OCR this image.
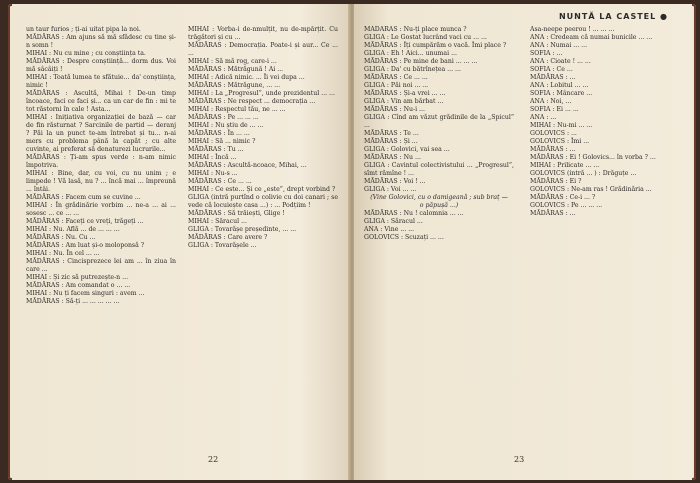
un taur furios ; ți-ai uitat pipa la noi.

MĂDĂRAS : Am ajuns să mă sfădesc cu tine și-n somn !

MIHAI : Nu cu mine ; cu conștiința ta.

MĂDĂRAS : Despre conștiință... dorm dus. Voi mă sâcâiți !

MIHAI : Toată lumea te sfătuie... da' conștiința, nimic !

MĂDĂRAS : Ascultă, Mihai ! De-un timp încoace, faci ce faci și... ca un car de fin : mi te tot răstorni în cale ! Asta...

MIHAI : Inițiativa organizației de bază — car de fin răsturnat ? Sarcinile de partid — deranj ? Păi la un punct te-am întrebat și tu... n-ai mers cu problema până la capăt ; cu alte cuvinte, ai preferat să denaturezi lucrurile...

MĂDĂRAS : Ți-am spus verde : n-am nimic împotriva.

MIHAI : Bine, dar, cu voi, cu nu unim ; e limpede ! Vă lasă, nu ? ... încă mai ... împreună ... întâi.

MĂDĂRAS : Facem cum se cuvine ...

MIHAI : În grădinărie vorbim ... ne-a ... ai ... sosesc ... ce ... ...

MĂDĂRAS : Faceți ce vreți, trăgeți ...

MIHAI : Nu. Află ... de ... ... ...

MĂDĂRAS : Nu. Cu ...

MĂDĂRAS : Am luat și-o moloponsă ?

MIHAI : Nu. În cel ... ...

MĂDĂRAS : Cincisprezece lei am ... în ziua în care ...

MIHAI : Și zic să putrezește-n ...

MĂDĂRAS : Am comandat o ... ...

MIHAI : Nu ți facem singuri : avem ...

MĂDĂRAS : Să-ți ... ... ... ... ...

MIHAI : Vorba-i de-nmulțit, nu de-mpărțit. Cu trăgători și cu ...

MĂDĂRAS : Democrația. Poate-i și aur... Ce ... ...

MIHAI : Să mă rog, care-i ...

MĂDĂRAS : Mătrăgună ! Ai ...

MIHAI : Adică nimic. ... Îi vei dupa ...

MĂDĂRAS : Mătrăgune, ... ...

MIHAI : La „Progresul”, unde prezidentul ... ...

MĂDĂRAS : Ne respect ... democrația ...

MIHAI : Respectul tău, ne ... ...

MĂDĂRAS : Pe ... ... ...

MIHAI : Nu știu de ... ...

MĂDĂRAS : În ... ...

MIHAI : Să ... nimic ?

MĂDĂRAS : Tu ...

MIHAI : Încă ...

MĂDĂRAS : Ascultă-ncoace, Mihai, ...

MIHAI : Nu-s ...

MĂDĂRAS : Ce ... ...

MIHAI : Ce este... Și ce „este”, drept vorbind ?

GLIGA (intră purtînd o colivie cu doi canari ; se vede că locuiește casa ...) : ... Podțiim !

MĂDĂRAS : Să trăiești, Glige !

MIHAI : Săracul ...

GLIGA : Tovarășe președinte, ... ...

MĂDĂRAS : Care avere ?

GLIGA : Tovarășele ...

22
NUNTĂ LA CASTEL ●

MĂDĂRAS : Nu-ți place munca ?

GLIGA : Le Gostat lucrând vaci cu ... ...

MĂDĂRAS : Îți cumpărăm o vacă. Îmi place ?

GLIGA : Eh ! Aici... unumai ...

MĂDĂRAS : Pe mine de bani ... ... ...

GLIGA : Da' cu bătrînețea ... ...

MĂDĂRAS : Ce ... ...

GLIGA : Păi noi ... ...

MĂDĂRAS : Și-a vrei ... ...

GLIGA : Vin am bărbat ...

MĂDĂRAS : Nu-i ...

GLIGA : Cînd am văzut grădinile de la „Spicul” ...

MĂDĂRAS : Te ...

MĂDĂRAS : Și ...

GLIGA : Golovici, vai sea ...

MĂDĂRAS : Nu ...

GLIGA : Cavintul colectivistului ... „Progresul”, sîmt rămîne ! ...

MĂDĂRAS : Voi ! ...

GLIGA : Voi ... ...

(Vine Golovici, cu o damigeană ; sub braț — o păpușă ...)

MĂDĂRAS : Nu ! calomnia ... ...

GLIGA : Săracul ...

ANA : Vine ... ...

GOLOVICS : Scuzați ... ...

Asa-neepe peerou ! ... ... ...

ANA : Credeam că numai bunicile ... ...

ANA : Numai ... ...

SOFIA : ...

ANA : Cioate ! ... ...

SOFIA : Ce ...

MĂDĂRAS : ...

ANA : Lobitul ... ...

SOFIA : Mâncare ...

ANA : Noi, ...

SOFIA : Ei ... ...

ANA : ...

MIHAI : Nu-mi ... ...

GOLOVICS : ...

GOLOVICS : Îmi ...

MĂDĂRAS : ...

MĂDĂRAS : Ei ! Golovics... în vorba ? ...

MIHAI : Prilicate ... ...

GOLOVICS (intră ... ) : Drăguțe ...

MĂDĂRAS : Ei ?

GOLOVICS : Ne-am ras ! Grădinăria ...

MĂDĂRAS : Ce-i ... ?

GOLOVICS : Pe ... ... ...

MĂDĂRAS : ...

23
